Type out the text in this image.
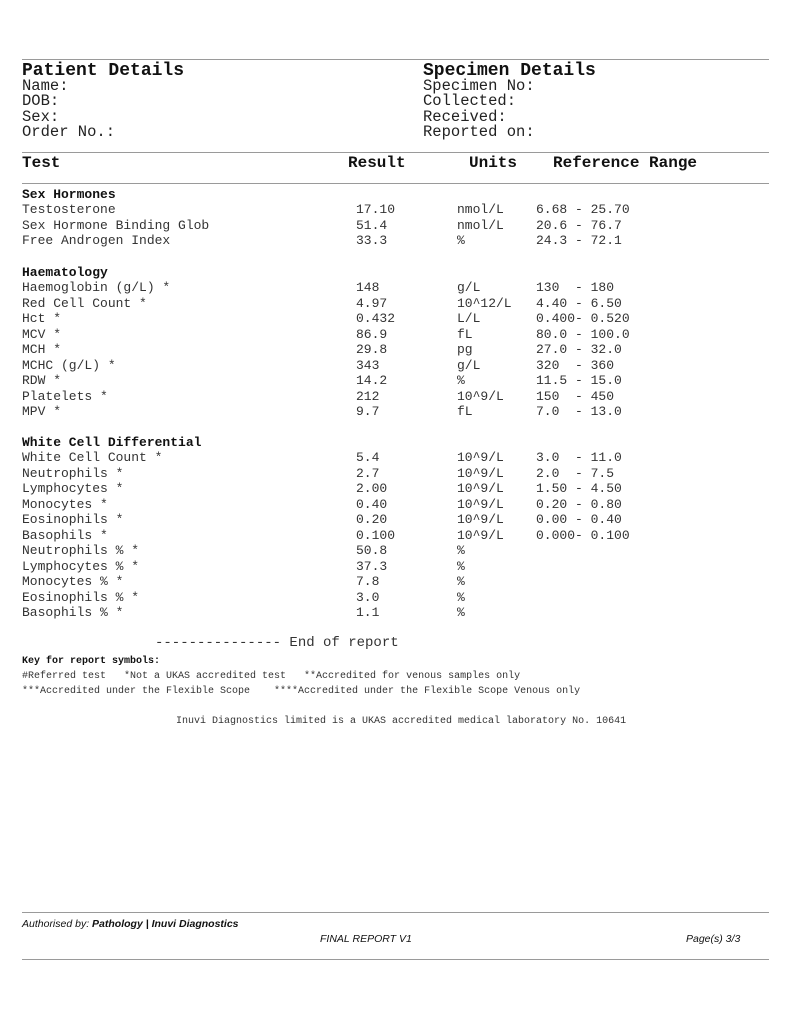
Patient Details
Name:
DOB:
Sex:
Order No.:
Specimen Details
Specimen No:
Collected:
Received:
Reported on:
Test	Result	Units Reference Range
Sex Hormones
Testosterone	17.10	nmol/L 6.68 - 25.70
Sex Hormone Binding Glob	51.4	nmol/L 20.6 - 76.7
Free Androgen Index	33.3	%	24.3 - 72.1
Haematology
Haemoglobin (g/L) *	148	g/L	130  - 180
Red Cell Count *	4.97	10^12/L 4.40 - 6.50
Hct *	0.432	L/L	0.400- 0.520
MCV *	86.9	fL	80.0 - 100.0
MCH *	29.8	pg	27.0 - 32.0
MCHC (g/L) *	343	g/L	320  - 360
RDW *	14.2	%	11.5 - 15.0
Platelets *	212	10^9/L 150  - 450
MPV *	9.7	fL	7.0  - 13.0
White Cell Differential
White Cell Count *	5.4	10^9/L 3.0  - 11.0
Neutrophils *	2.7	10^9/L 2.0  - 7.5
Lymphocytes *	2.00	10^9/L 1.50 - 4.50
Monocytes *	0.40	10^9/L 0.20 - 0.80
Eosinophils *	0.20	10^9/L 0.00 - 0.40
Basophils *	0.100	10^9/L 0.000- 0.100
Neutrophils % *	50.8	%
Lymphocytes % *	37.3	%
Monocytes % *	7.8	%
Eosinophils % *	3.0	%
Basophils % *	1.1	%
--------------- End of report
Key for report symbols:
#Referred test   *Not a UKAS accredited test   **Accredited for venous samples only
***Accredited under the Flexible Scope    ****Accredited under the Flexible Scope Venous only
Inuvi Diagnostics limited is a UKAS accredited medical laboratory No. 10641
Authorised by: Pathology | Inuvi Diagnostics
FINAL REPORT V1	Page(s) 3/3
